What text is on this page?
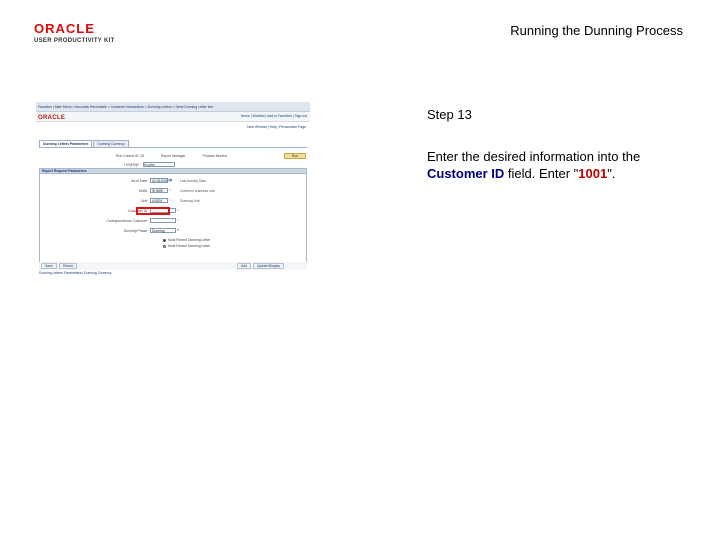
ORACLE
USER PRODUCTIVITY KIT
Running the Dunning Process
Step 13
Enter the desired information into the Customer ID field. Enter "1001".
Favorites | Main Menu > Accounts Receivable > Customer Interactions > Dunning Letters > Send Dunning Letter Info
ORACLE	Home | Worklist | Add to Favorites | Sign out
New Window | Help | Personalize Page
Dunning Letters Parameters	Dunning Currency
Run Control ID: 25	Report Manager	Process Monitor	Run
Language: English
Report Request Parameters
As of Date:	01/31/2007 ▦ Last Activity Date
SetID:	SHARE	⌕	Common business unit
Unit:	US001	⌕	Dunning Unit
Customer ID:	⌕
Correspondence Customer:	⌕
Dunning Phase:	Dunning	▾
Most Recent Dunning Letter
Most Recent Dunning Letter
Save	Return	Add	Update/Display
Dunning Letters Parameters | Dunning Currency
